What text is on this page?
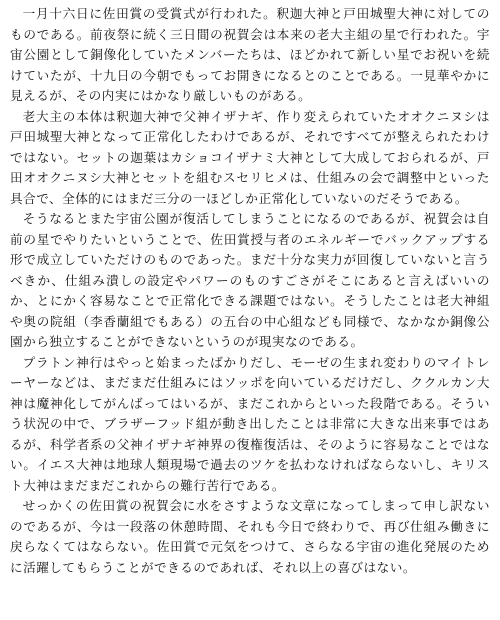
一月十六日に佐田賞の受賞式が行われた。釈迦大神と戸田城聖大神に対してのものである。前夜祭に続く三日間の祝賀会は本来の老大主組の星で行われた。宇宙公園として銅像化していたメンバーたちは、ほどかれて新しい星でお祝いを続けていたが、十九日の今朝でもってお開きになるとのことである。一見華やかに見えるが、その内実にはかなり厳しいものがある。

老大主の本体は釈迦大神で父神イザナギ、作り変えられていたオオクニヌシは戸田城聖大神となって正常化したわけであるが、それですべてが整えられたわけではない。セットの迦葉はカショコイザナミ大神として大成しておられるが、戸田オオクニヌシ大神とセットを組むスセリヒメは、仕組みの会で調整中といった具合で、全体的にはまだ三分の一ほどしか正常化していないのだそうである。

そうなるとまた宇宙公園が復活してしまうことになるのであるが、祝賀会は自前の星でやりたいということで、佐田賞授与者のエネルギーでバックアップする形で成立していただけのものであった。まだ十分な実力が回復していないと言うべきか、仕組み潰しの設定やパワーのものすごさがそこにあると言えばいいのか、とにかく容易なことで正常化できる課題ではない。そうしたことは老大神組や奥の院組（李香蘭組でもある）の五台の中心組なども同様で、なかなか銅像公園から独立することができないというのが現実なのである。

プラトン神行はやっと始まったばかりだし、モーゼの生まれ変わりのマイトレーヤーなどは、まだまだ仕組みにはソッポを向いているだけだし、ククルカン大神は魔神化してがんばってはいるが、まだこれからといった段階である。そういう状況の中で、ブラザーフッド組が動き出したことは非常に大きな出来事ではあるが、科学者系の父神イザナギ神界の復権復活は、そのように容易なことではない。イエス大神は地球人類現場で過去のツケを払わなければならないし、キリスト大神はまだまだこれからの難行苦行である。

せっかくの佐田賞の祝賀会に水をさすような文章になってしまって申し訳ないのであるが、今は一段落の休憩時間、それも今日で終わりで、再び仕組み働きに戻らなくてはならない。佐田賞で元気をつけて、さらなる宇宙の進化発展のために活躍してもらうことができるのであれば、それ以上の喜びはない。
